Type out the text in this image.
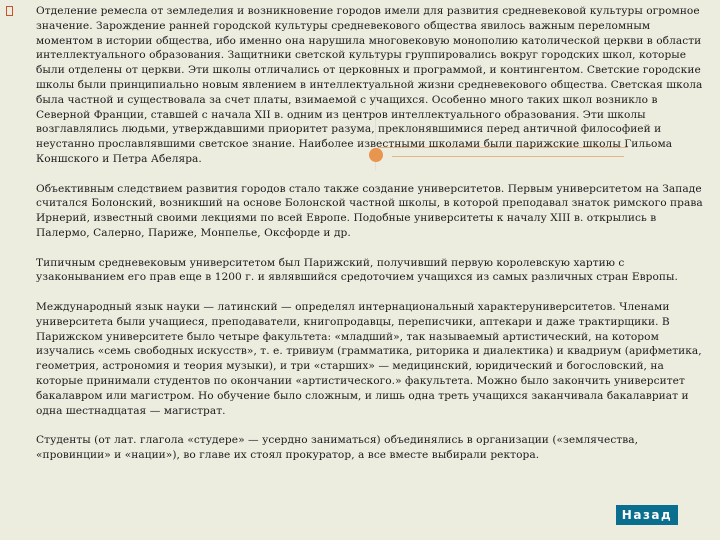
Отделение ремесла от земледелия и возникновение городов имели для развития средневековой культуры огромное значение. Зарождение ранней городской культуры средневекового общества явилось важным переломным моментом в истории общества, ибо именно она нарушила многовековую монополию католической церкви в области интеллектуального образования. Защитники светской культуры группировались вокруг городских школ, которые были отделены от церкви. Эти школы отличались от церковных и программой, и контингентом. Светские городские школы были принципиально новым явлением в интеллектуальной жизни средневекового общества. Светская школа была частной и существовала за счет платы, взимаемой с учащихся. Особенно много таких школ возникло в Северной Франции, ставшей с начала XII в. одним из центров интеллектуального образования. Эти школы возглавлялись людьми, утверждавшими приоритет разума, преклонявшимися перед античной философией и неустанно прославлявшими светское знание. Наиболее известными школами были парижские школы Гильома Коншского и Петра Абеляра.

Объективным следствием развития городов стало также создание университетов. Первым университетом на Западе считался Болонский, возникший на основе Болонской частной школы, в которой преподавал знаток римского права Ирнерий, известный своими лекциями по всей Европе. Подобные университеты к началу XIII в. открылись в Палермо, Салерно, Париже, Монпелье, Оксфорде и др.

Типичным средневековым университетом был Парижский, получивший первую королевскую хартию с узаконыванием его прав еще в 1200 г. и являвшийся средоточием учащихся из самых различных стран Европы.

Международный язык науки — латинский — определял интернациональный характеруниверситетов. Членами университета были учащиеся, преподаватели, книгопродавцы, переписчики, аптекари и даже трактирщики. В Парижском университете было четыре факультета: «младший», так называемый артистический, на котором изучались «семь свободных искусств», т. е. тривиум (грамматика, риторика и диалектика) и квадриум (арифметика, геометрия, астрономия и теория музыки), и три «старших» — медицинский, юридический и богословский, на которые принимали студентов по окончании «артистического.» факультета. Можно было закончить университет бакалавром или магистром. Но обучение было сложным, и лишь одна треть учащихся заканчивала бакалавриат и одна шестнадцатая — магистрат.

Студенты (от лат. глагола «студере» — усердно заниматься) объединялись в организации («землячества, «провинции» и «нации»), во главе их стоял прокуратор, а все вместе выбирали ректора.

Назад
